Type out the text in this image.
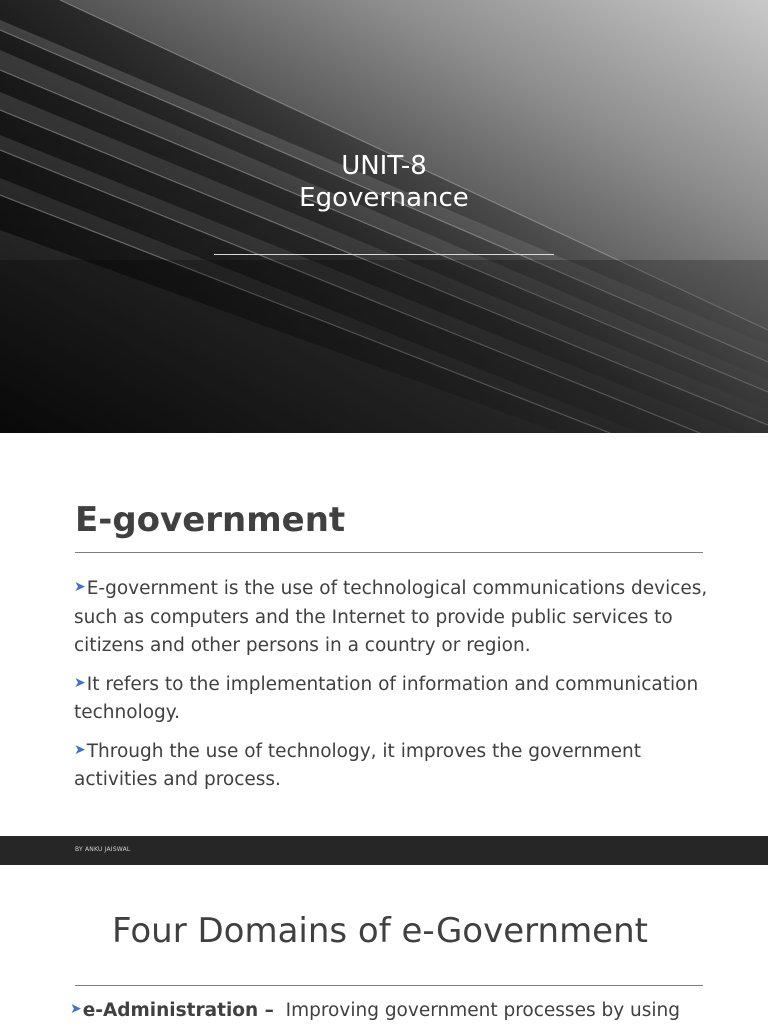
UNIT-8
Egovernance
E-government
➤E-government is the use of technological communications devices, such as computers and the Internet to provide public services to citizens and other persons in a country or region.
➤It refers to the implementation of information and communication technology.
➤Through the use of technology, it improves the government activities and process.
BY ANKU JAISWAL
Four Domains of e-Government
➤e-Administration – Improving government processes by using
